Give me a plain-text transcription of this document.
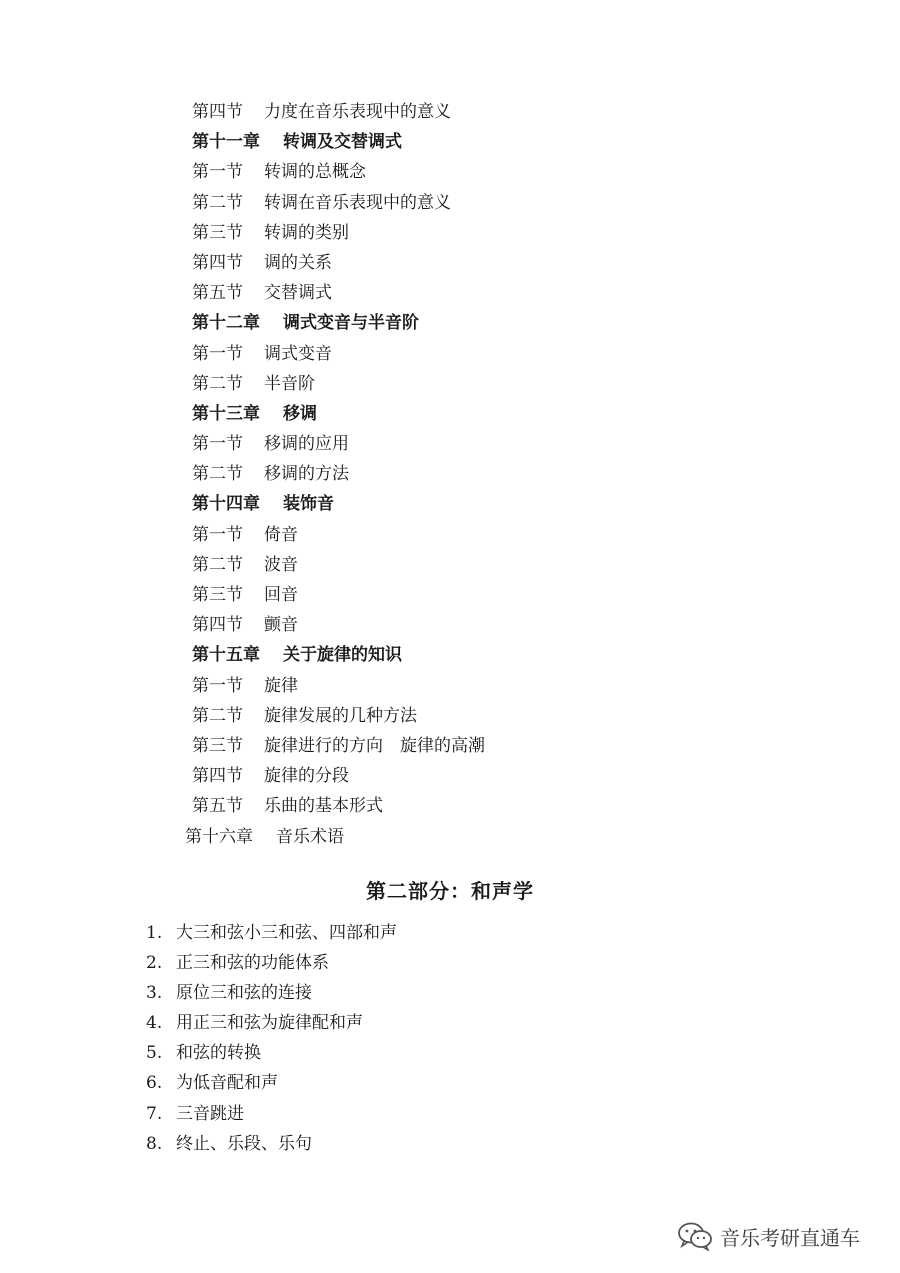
第四节 力度在音乐表现中的意义
第十一章 转调及交替调式
第一节 转调的总概念
第二节 转调在音乐表现中的意义
第三节 转调的类别
第四节 调的关系
第五节 交替调式
第十二章 调式变音与半音阶
第一节 调式变音
第二节 半音阶
第十三章 移调
第一节 移调的应用
第二节 移调的方法
第十四章 装饰音
第一节 倚音
第二节 波音
第三节 回音
第四节 颤音
第十五章 关于旋律的知识
第一节 旋律
第二节 旋律发展的几种方法
第三节 旋律进行的方向　旋律的高潮
第四节 旋律的分段
第五节 乐曲的基本形式
第十六章 音乐术语
第二部分：和声学
1. 大三和弦小三和弦、四部和声
2. 正三和弦的功能体系
3. 原位三和弦的连接
4. 用正三和弦为旋律配和声
5. 和弦的转换
6. 为低音配和声
7. 三音跳进
8. 终止、乐段、乐句
音乐考研直通车
